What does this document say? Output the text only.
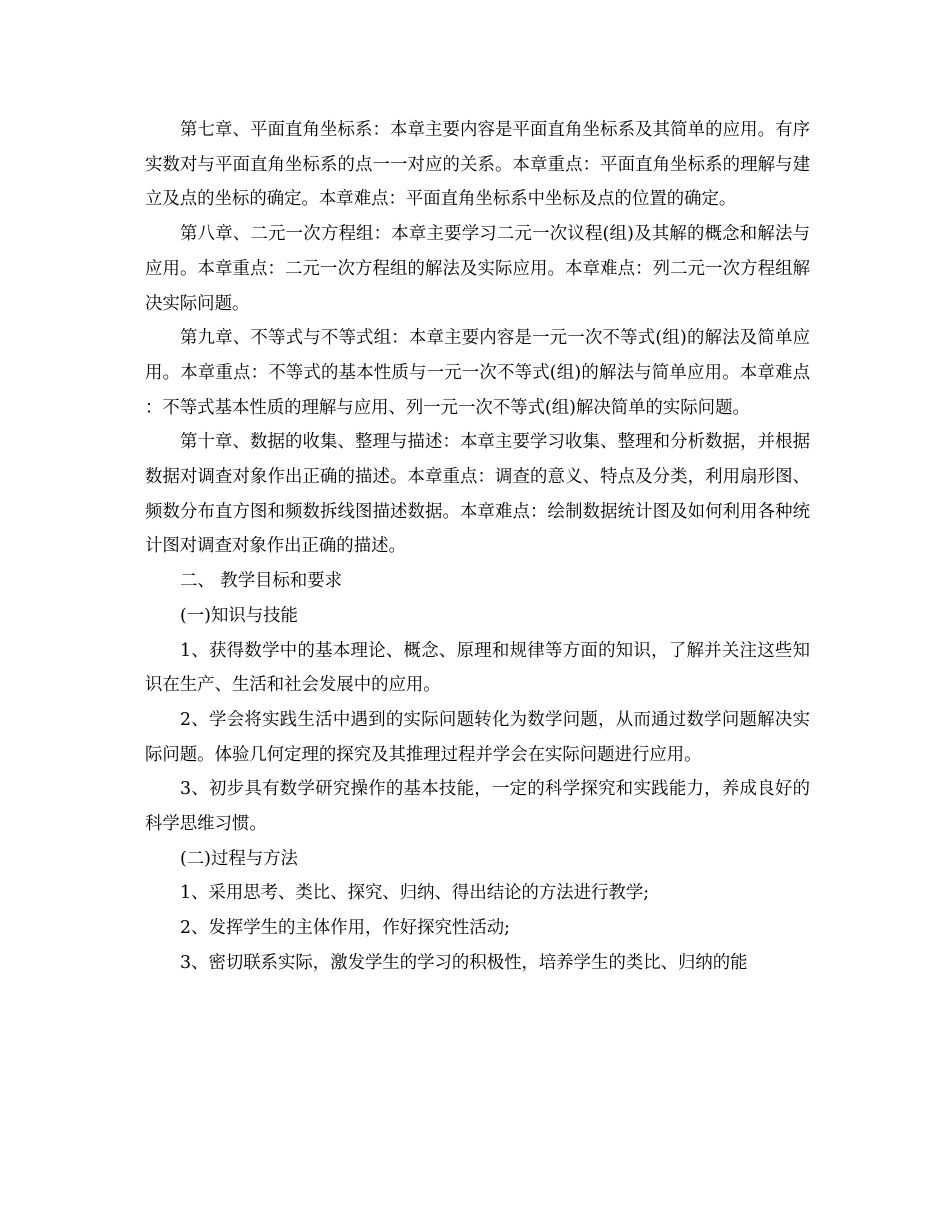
第七章、平面直角坐标系：本章主要内容是平面直角坐标系及其简单的应用。有序实数对与平面直角坐标系的点一一对应的关系。本章重点：平面直角坐标系的理解与建立及点的坐标的确定。本章难点：平面直角坐标系中坐标及点的位置的确定。

第八章、二元一次方程组：本章主要学习二元一次议程(组)及其解的概念和解法与应用。本章重点：二元一次方程组的解法及实际应用。本章难点：列二元一次方程组解决实际问题。

第九章、不等式与不等式组：本章主要内容是一元一次不等式(组)的解法及简单应用。本章重点：不等式的基本性质与一元一次不等式(组)的解法与简单应用。本章难点：不等式基本性质的理解与应用、列一元一次不等式(组)解决简单的实际问题。

第十章、数据的收集、整理与描述：本章主要学习收集、整理和分析数据，并根据数据对调查对象作出正确的描述。本章重点：调查的意义、特点及分类，利用扇形图、频数分布直方图和频数拆线图描述数据。本章难点：绘制数据统计图及如何利用各种统计图对调查对象作出正确的描述。

二、 教学目标和要求

(一)知识与技能

1、获得数学中的基本理论、概念、原理和规律等方面的知识，了解并关注这些知识在生产、生活和社会发展中的应用。

2、学会将实践生活中遇到的实际问题转化为数学问题，从而通过数学问题解决实际问题。体验几何定理的探究及其推理过程并学会在实际问题进行应用。

3、初步具有数学研究操作的基本技能，一定的科学探究和实践能力，养成良好的科学思维习惯。

(二)过程与方法

1、采用思考、类比、探究、归纳、得出结论的方法进行教学;

2、发挥学生的主体作用，作好探究性活动;

3、密切联系实际，激发学生的学习的积极性，培养学生的类比、归纳的能
